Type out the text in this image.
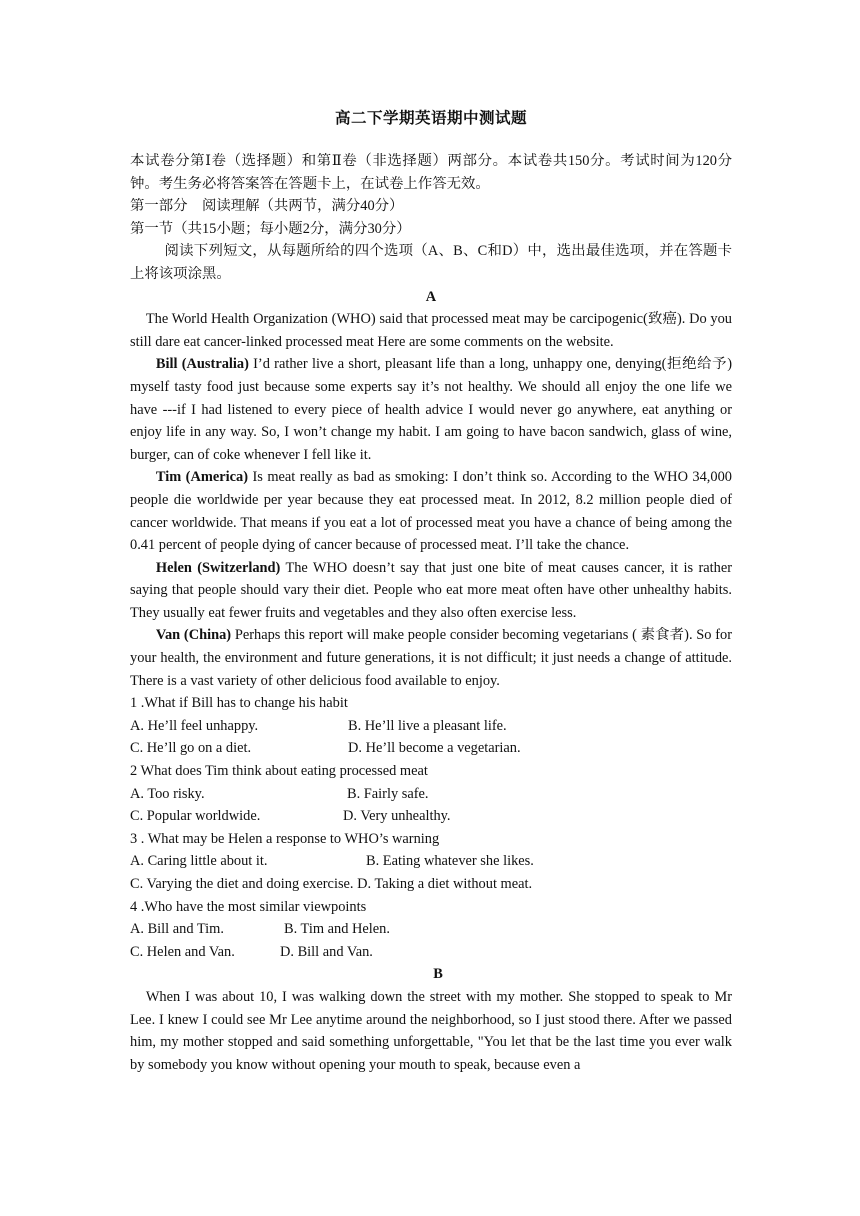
高二下学期英语期中测试题

本试卷分第Ⅰ卷（选择题）和第Ⅱ卷（非选择题）两部分。本试卷共150分。考试时间为120分钟。考生务必将答案答在答题卡上，在试卷上作答无效。

第一部分　阅读理解（共两节，满分40分）

第一节（共15小题；每小题2分，满分30分）

阅读下列短文，从每题所给的四个选项（A、B、C和D）中，选出最佳选项，并在答题卡上将该项涂黑。

A

The World Health Organization (WHO) said that processed meat may be carcipogenic(致癌). Do you still dare eat cancer-linked processed meat Here are some comments on the website.

Bill (Australia) I’d rather live a short, pleasant life than a long, unhappy one, denying(拒绝给予) myself tasty food just because some experts say it’s not healthy. We should all enjoy the one life we have ---if I had listened to every piece of health advice I would never go anywhere, eat anything or enjoy life in any way. So, I won’t change my habit. I am going to have bacon sandwich, glass of wine, burger, can of coke whenever I fell like it.

Tim (America) Is meat really as bad as smoking: I don’t think so. According to the WHO 34,000 people die worldwide per year because they eat processed meat. In 2012, 8.2 million people died of cancer worldwide. That means if you eat a lot of processed meat you have a chance of being among the 0.41 percent of people dying of cancer because of processed meat. I’ll take the chance.

Helen (Switzerland) The WHO doesn’t say that just one bite of meat causes cancer, it is rather saying that people should vary their diet. People who eat more meat often have other unhealthy habits. They usually eat fewer fruits and vegetables and they also often exercise less.

Van (China) Perhaps this report will make people consider becoming vegetarians ( 素食者). So for your health, the environment and future generations, it is not difficult; it just needs a change of attitude. There is a vast variety of other delicious food available to enjoy.

1 .What if Bill has to change his habit

A. He’ll feel unhappy.	B. He’ll live a pleasant life.
C. He’ll go on a diet.	D. He’ll become a vegetarian.

2 What does Tim think about eating processed meat

A. Too risky.	B. Fairly safe.
C. Popular worldwide.	D. Very unhealthy.

3 . What may be Helen a response to WHO’s warning

A. Caring little about it.	B. Eating whatever she likes.
C. Varying the diet and doing exercise. D. Taking a diet without meat.

4 .Who have the most similar viewpoints

A. Bill and Tim.	B. Tim and Helen.
C. Helen and Van.	D. Bill and Van.

B

When I was about 10, I was walking down the street with my mother. She stopped to speak to Mr Lee. I knew I could see Mr Lee anytime around the neighborhood, so I just stood there. After we passed him, my mother stopped and said something unforgettable, "You let that be the last time you ever walk by somebody you know without opening your mouth to speak, because even a
